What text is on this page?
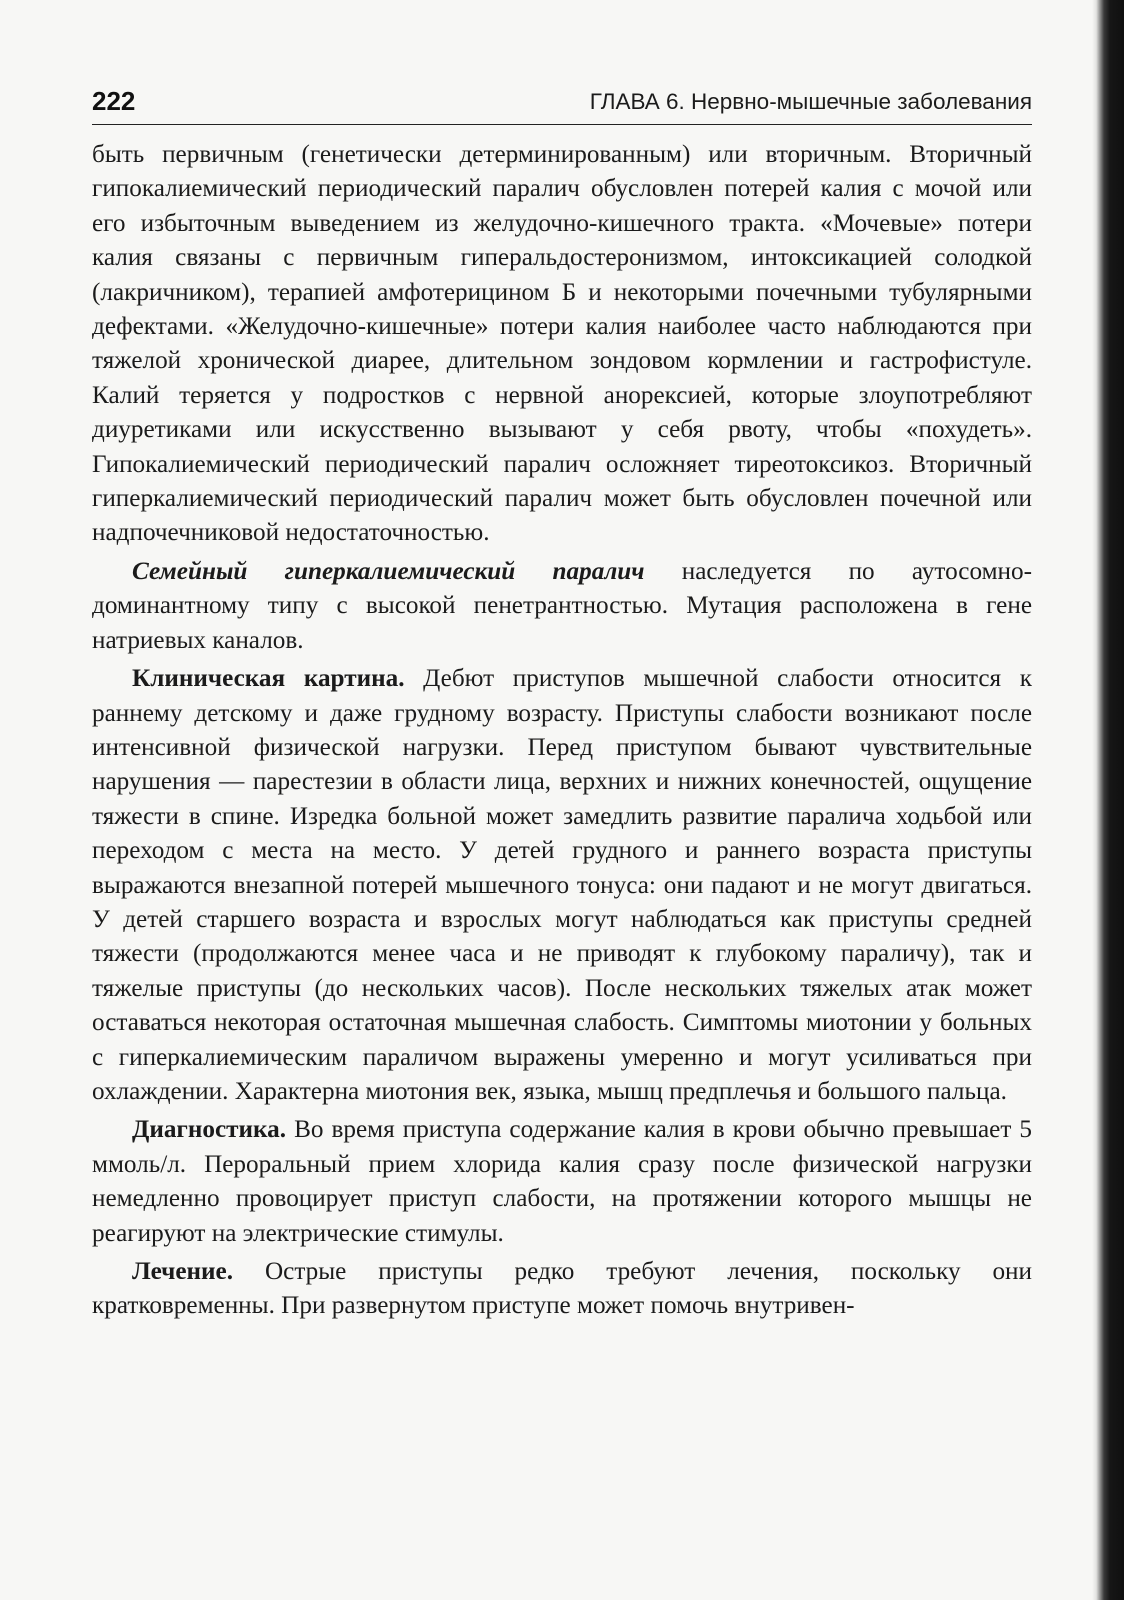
222	ГЛАВА 6. Нервно-мышечные заболевания

быть первичным (генетически детерминированным) или вторичным. Вторичный гипокалиемический периодический паралич обусловлен потерей калия с мочой или его избыточным выведением из желудочно-кишечного тракта. «Мочевые» потери калия связаны с первичным гиперальдостеронизмом, интоксикацией солодкой (лакричником), терапией амфотерицином Б и некоторыми почечными тубулярными дефектами. «Желудочно-кишечные» потери калия наиболее часто наблюдаются при тяжелой хронической диарее, длительном зондовом кормлении и гастрофистуле. Калий теряется у подростков с нервной анорексией, которые злоупотребляют диуретиками или искусственно вызывают у себя рвоту, чтобы «похудеть». Гипокалиемический периодический паралич осложняет тиреотоксикоз. Вторичный гиперкалиемический периодический паралич может быть обусловлен почечной или надпочечниковой недостаточностью.

Семейный гиперкалиемический паралич наследуется по аутосомно-доминантному типу с высокой пенетрантностью. Мутация расположена в гене натриевых каналов.

Клиническая картина. Дебют приступов мышечной слабости относится к раннему детскому и даже грудному возрасту. Приступы слабости возникают после интенсивной физической нагрузки. Перед приступом бывают чувствительные нарушения — парестезии в области лица, верхних и нижних конечностей, ощущение тяжести в спине. Изредка больной может замедлить развитие паралича ходьбой или переходом с места на место. У детей грудного и раннего возраста приступы выражаются внезапной потерей мышечного тонуса: они падают и не могут двигаться. У детей старшего возраста и взрослых могут наблюдаться как приступы средней тяжести (продолжаются менее часа и не приводят к глубокому параличу), так и тяжелые приступы (до нескольких часов). После нескольких тяжелых атак может оставаться некоторая остаточная мышечная слабость. Симптомы миотонии у больных с гиперкалиемическим параличом выражены умеренно и могут усиливаться при охлаждении. Характерна миотония век, языка, мышц предплечья и большого пальца.

Диагностика. Во время приступа содержание калия в крови обычно превышает 5 ммоль/л. Пероральный прием хлорида калия сразу после физической нагрузки немедленно провоцирует приступ слабости, на протяжении которого мышцы не реагируют на электрические стимулы.

Лечение. Острые приступы редко требуют лечения, поскольку они кратковременны. При развернутом приступе может помочь внутривен-
